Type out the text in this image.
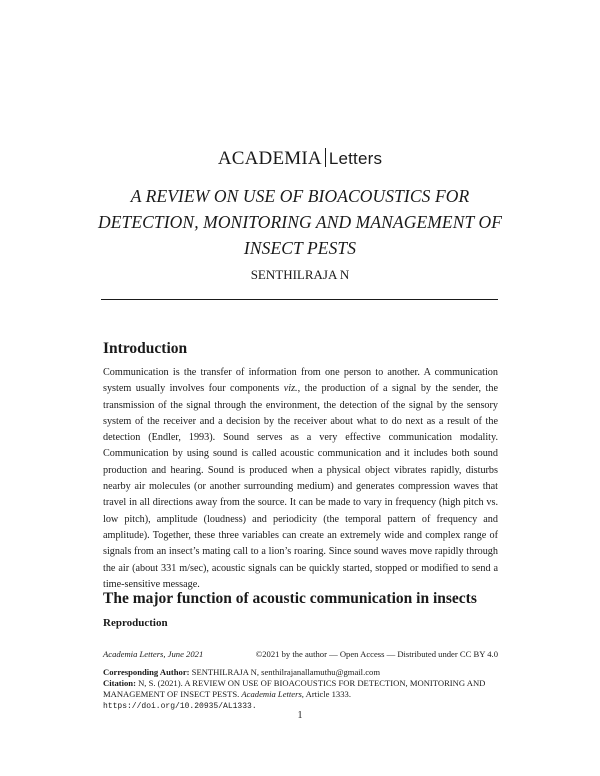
ACADEMIA Letters
A REVIEW ON USE OF BIOACOUSTICS FOR DETECTION, MONITORING AND MANAGEMENT OF INSECT PESTS
SENTHILRAJA N
Introduction
Communication is the transfer of information from one person to another. A communication system usually involves four components viz., the production of a signal by the sender, the transmission of the signal through the environment, the detection of the signal by the sensory system of the receiver and a decision by the receiver about what to do next as a result of the detection (Endler, 1993). Sound serves as a very effective communication modality. Communication by using sound is called acoustic communication and it includes both sound production and hearing. Sound is produced when a physical object vibrates rapidly, disturbs nearby air molecules (or another surrounding medium) and generates compression waves that travel in all directions away from the source. It can be made to vary in frequency (high pitch vs. low pitch), amplitude (loudness) and periodicity (the temporal pattern of frequency and amplitude). Together, these three variables can create an extremely wide and complex range of signals from an insect’s mating call to a lion’s roaring. Since sound waves move rapidly through the air (about 331 m/sec), acoustic signals can be quickly started, stopped or modified to send a time-sensitive message.
The major function of acoustic communication in insects
Reproduction
Academia Letters, June 2021	©2021 by the author — Open Access — Distributed under CC BY 4.0
Corresponding Author: SENTHILRAJA N, senthilrajanallamuthu@gmail.com
Citation: N, S. (2021). A REVIEW ON USE OF BIOACOUSTICS FOR DETECTION, MONITORING AND MANAGEMENT OF INSECT PESTS. Academia Letters, Article 1333.
https://doi.org/10.20935/AL1333.
1
